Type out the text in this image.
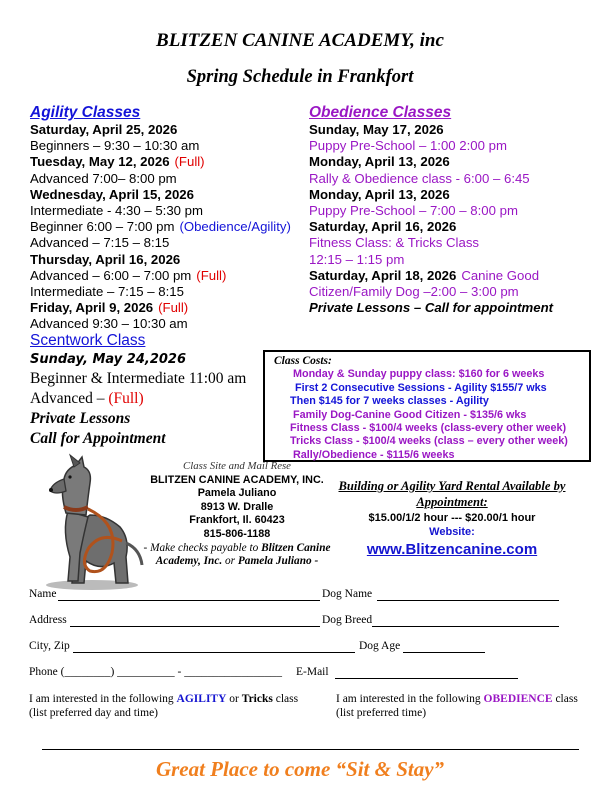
BLITZEN CANINE ACADEMY, inc
Spring Schedule in Frankfort
Agility Classes
Saturday, April 25, 2026
Beginners – 9:30 – 10:30 am
Tuesday, May 12, 2026 (Full)
Advanced 7:00– 8:00 pm
Wednesday, April 15, 2026
Intermediate - 4:30 – 5:30 pm
Beginner 6:00 – 7:00 pm (Obedience/Agility)
Advanced – 7:15 – 8:15
Thursday, April 16, 2026
Advanced – 6:00 – 7:00 pm (Full)
Intermediate – 7:15 – 8:15
Friday, April 9, 2026 (Full)
Advanced 9:30 – 10:30 am
Scentwork Class
Sunday, May 24,2026
Beginner & Intermediate 11:00 am
Advanced – (Full)
Private Lessons
Call for Appointment
Obedience Classes
Sunday, May 17, 2026
Puppy Pre-School – 1:00 2:00 pm
Monday, April 13, 2026
Rally & Obedience class - 6:00 – 6:45
Monday, April 13, 2026
Puppy Pre-School – 7:00 – 8:00 pm
Saturday, April 16, 2026
Fitness Class: & Tricks Class
12:15 – 1:15 pm
Saturday, April 18, 2026 Canine Good
Citizen/Family Dog –2:00 – 3:00 pm
Private Lessons – Call for appointment
Class Costs:
Monday & Sunday puppy class: $160 for 6 weeks
First 2 Consecutive Sessions - Agility $155/7 wks
Then $145 for 7 weeks classes - Agility
Family Dog-Canine Good Citizen - $135/6 wks
Fitness Class - $100/4 weeks (class-every other week)
Tricks Class - $100/4 weeks (class – every other week)
Rally/Obedience - $115/6 weeks
Class Site and Mail Rese
BLITZEN CANINE ACADEMY, INC.
Pamela Juliano
8913 W. Dralle
Frankfort, Il. 60423
815-806-1188
- Make checks payable to Blitzen Canine Academy, Inc. or Pamela Juliano -
Building or Agility Yard Rental Available by Appointment:
$15.00/1/2 hour --- $20.00/1 hour
Website:
www.Blitzencanine.com
Name	Dog Name
Address	Dog Breed
City, Zip	Dog Age
Phone (________) __________ - _________________ E-Mail
I am interested in the following AGILITY or Tricks class
(list preferred day and time)
I am interested in the following OBEDIENCE class
(list preferred time)
Great Place to come “Sit & Stay”
